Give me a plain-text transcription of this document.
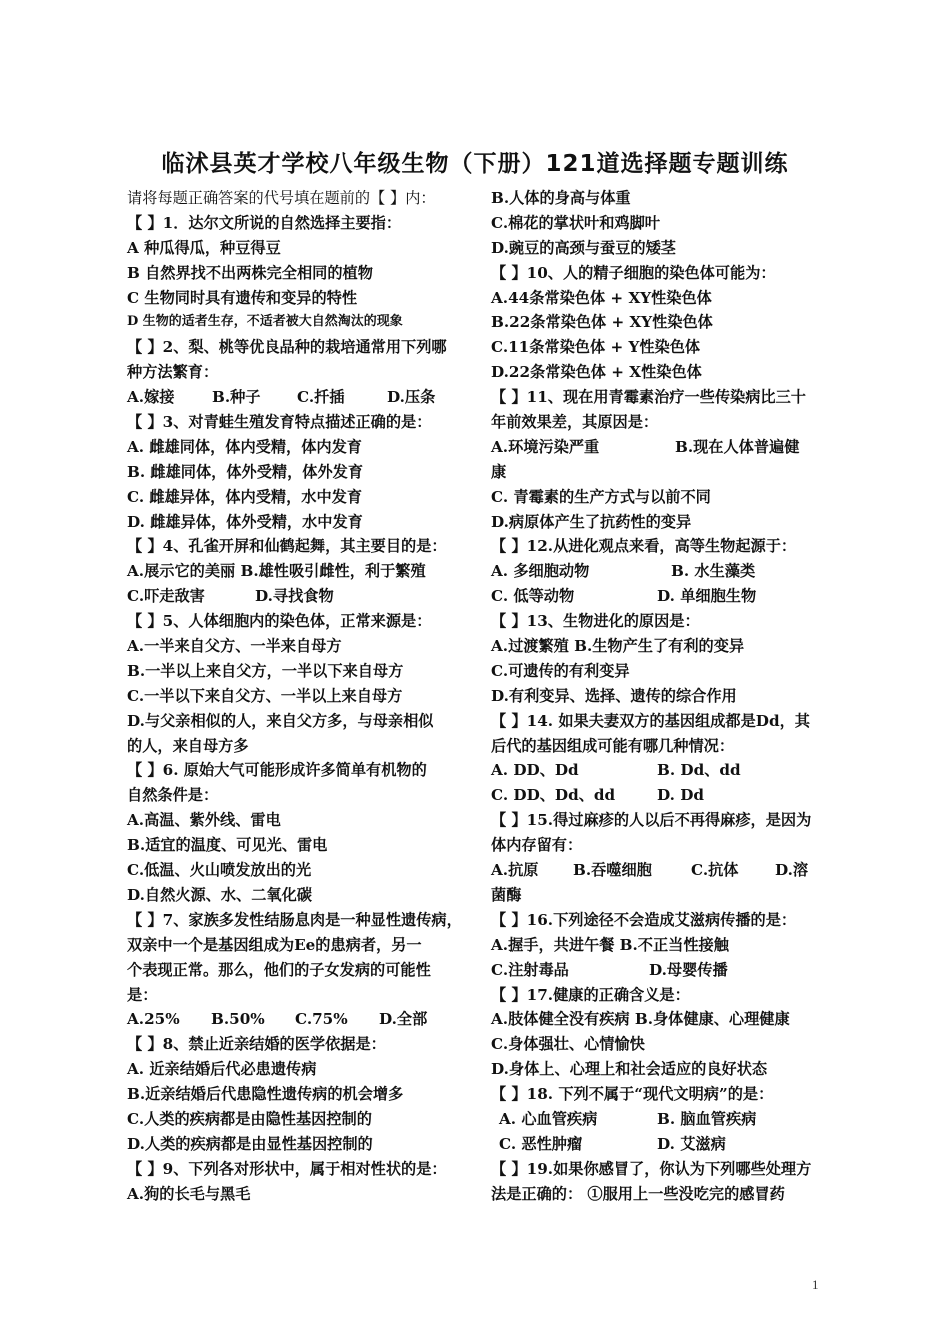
临沭县英才学校八年级生物（下册）121道选择题专题训练
请将每题正确答案的代号填在题前的【 】内：
【 】1．达尔文所说的自然选择主要指：
A 种瓜得瓜，种豆得豆
B 自然界找不出两株完全相同的植物
C 生物同时具有遗传和变异的特性
D 生物的适者生存，不适者被大自然淘汰的现象
【 】2、梨、桃等优良品种的栽培通常用下列哪
种方法繁育：
A.嫁接	B.种子	C.扦插	D.压条
【 】3、对青蛙生殖发育特点描述正确的是：
A. 雌雄同体，体内受精，体内发育
B. 雌雄同体，体外受精，体外发育
C. 雌雄异体，体内受精，水中发育
D. 雌雄异体，体外受精，水中发育
【 】4、孔雀开屏和仙鹤起舞，其主要目的是：
A.展示它的美丽 B.雄性吸引雌性，利于繁殖
C.吓走敌害	D.寻找食物
【 】5、人体细胞内的染色体，正常来源是：
A.一半来自父方、一半来自母方
B.一半以上来自父方，一半以下来自母方
C.一半以下来自父方、一半以上来自母方
D.与父亲相似的人，来自父方多，与母亲相似
的人，来自母方多
【 】6. 原始大气可能形成许多简单有机物的
自然条件是：
A.高温、紫外线、雷电
B.适宜的温度、可见光、雷电
C.低温、火山喷发放出的光
D.自然火源、水、二氧化碳
【 】7、家族多发性结肠息肉是一种显性遗传病，
双亲中一个是基因组成为Ee的患病者，另一
个表现正常。那么，他们的子女发病的可能性
是：
A.25%	B.50%	C.75%	D.全部
【 】8、禁止近亲结婚的医学依据是：
A. 近亲结婚后代必患遗传病
B.近亲结婚后代患隐性遗传病的机会增多
C.人类的疾病都是由隐性基因控制的
D.人类的疾病都是由显性基因控制的
【 】9、下列各对形状中，属于相对性状的是：
A.狗的长毛与黑毛
B.人体的身高与体重
C.棉花的掌状叶和鸡脚叶
D.豌豆的高颈与蚕豆的矮茎
【 】10、人的精子细胞的染色体可能为：
A.44条常染色体 + XY性染色体
B.22条常染色体 + XY性染色体
C.11条常染色体 + Y性染色体
D.22条常染色体 + X性染色体
【 】11、现在用青霉素治疗一些传染病比三十
年前效果差，其原因是：
A.环境污染严重	B.现在人体普遍健
康
C. 青霉素的生产方式与以前不同
D.病原体产生了抗药性的变异
【 】12.从进化观点来看，高等生物起源于：
A. 多细胞动物	B. 水生藻类
C. 低等动物	D. 单细胞生物
【 】13、生物进化的原因是：
A.过渡繁殖 B.生物产生了有利的变异
C.可遗传的有利变异
D.有利变异、选择、遗传的综合作用
【 】14. 如果夫妻双方的基因组成都是Dd，其
后代的基因组成可能有哪几种情况：
A. DD、Dd	B. Dd、dd
C. DD、Dd、dd	D. Dd
【 】15.得过麻疹的人以后不再得麻疹，是因为
体内存留有：
A.抗原	B.吞噬细胞	C.抗体	D.溶
菌酶
【 】16.下列途径不会造成艾滋病传播的是：
A.握手，共进午餐 B.不正当性接触
C.注射毒品	D.母婴传播
【 】17.健康的正确含义是：
A.肢体健全没有疾病 B.身体健康、心理健康
C.身体强壮、心情愉快
D.身体上、心理上和社会适应的良好状态
【 】18. 下列不属于“现代文明病”的是：
A. 心血管疾病	B. 脑血管疾病
C. 恶性肿瘤	D. 艾滋病
【 】19.如果你感冒了，你认为下列哪些处理方
法是正确的： ①服用上一些没吃完的感冒药
1
